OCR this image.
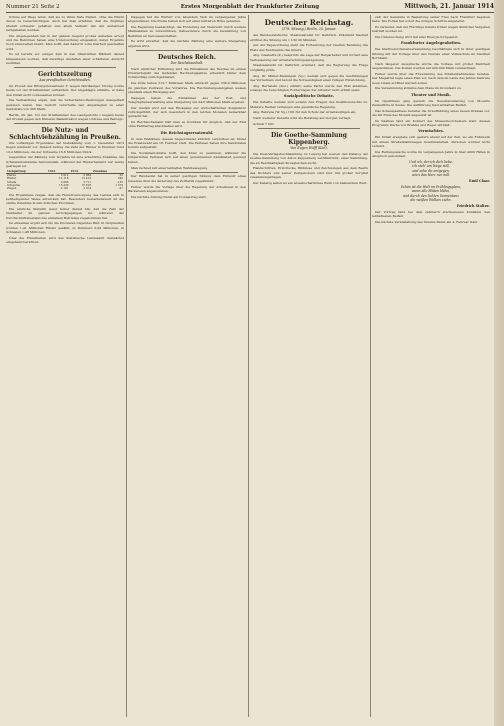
Nummer 21 Seite 2	Erstes Morgenblatt der Frankfurter Zeitung	Mittwoch, 21. Januar 1914

Schule auf Wege leitet, daß sie zu ihren Nate fliehen, ohne die Eltern davon zu benachrichtigen. Auch hat man erfahren, daß die Zöglinge überall schwerer gehalten und allem Verkehr mit der Außenwelt ferngehalten werden.

Die Angelegenheit hat in der ganzen Gegend großes Aufsehen erregt und die Behörden haben eine Untersuchung eingeleitet, deren Ergebnis noch abzuwarten bleibt. Man hofft, daß dadurch volle Klarheit geschaffen wird.

Es ist bereits vor einiger Zeit in den öffentlichen Blättern darauf hingewiesen worden, daß derartige Anstalten einer schärferen Aufsicht bedürfen.

Gerichtszeitung
Aus preußischen Gerichtssälen.

Im Prozeß des Rittergutsbesitzers F. wegen fahrlässiger Tötung wurde heute vor der Strafkammer verhandelt. Der Angeklagte erklärte, er habe den Unfall nicht voraussehen können.

Die Verhandlung ergab, daß die Sicherheitsvorkehrungen mangelhaft gewesen waren. Das Gericht verurteilte den Angeklagten zu einer Geldstrafe von 300 Mark.

Berlin, 20. Jan. Vor der Strafkammer des Landgerichts I begann heute der Prozeß gegen den früheren Bankdirektor wegen Untreue und Betrugs.

Die Nutz- und Schlachtviehzählung in Preußen.

Die vorläufigen Ergebnisse der Viehzählung vom 1. Dezember 1913 liegen nunmehr vor. Danach betrug die Zahl der Rinder in Preußen rund 12,4 Millionen, die der Schweine 16,8 Millionen Stück.

Gegenüber der Zählung vom Vorjahre ist eine erhebliche Zunahme des Schweinebestandes festzustellen, während der Rinderbestand nur wenig gestiegen ist.

Viehgattung	1912	1913	Zunahme
Pferde	3 012	3 064	52
Rinder	12 118	12 413	295
Schafe	3 846	3 711	-135
Schweine	15 239	16 818	1 579
Ziegen	2 101	2 074	-27

Die Ergebnisse zeigen, daß die Fleischversorgung des Landes sich in befriedigender Weise entwickelt hat. Besonders bemerkenswert ist die starke Zunahme in den östlichen Provinzen.

Die amtliche Statistik weist ferner darauf hin, daß die Zahl der Viehhalter im ganzen zurückgegangen ist, während der Durchschnittsbestand des einzelnen Betriebes zugenommen hat.

Im einzelnen ergibt sich für die Provinzen folgendes Bild: In Ostpreußen wurden 1,41 Millionen Rinder gezählt, in Pommern 0,92 Millionen, in Schlesien 1,48 Millionen.

Über die Einzelheiten wird das Statistische Landesamt demnächst eingehend berichten.

Dagegen hat die Einfuhr von lebendem Vieh im vergangenen Jahre abgenommen. Die Preise haben sich auf einer mittleren Höhe gehalten.

Die Regierung beabsichtigt, die Förderung der Viehzucht durch weitere Maßnahmen zu unterstützen, insbesondere durch die Gewährung von Beihilfen an Genossenschaften.

Es wird erwartet, daß die nächste Zählung eine weitere Steigerung ergeben wird.

Deutsches Reich.
Der Reichshaushalt.

Nach amtlicher Mitteilung sind die Einnahmen des Reiches im ersten Dreivierteljahr des laufenden Rechnungsjahres erheblich hinter dem Voranschlag zurückgeblieben.

Die Zölle haben 512,7 Millionen Mark erbracht gegen 538,9 Millionen im gleichen Zeitraum des Vorjahres. Die Reichsstempelabgaben weisen ebenfalls einen Rückgang auf.

Dagegen haben die Einnahmen aus der Post- und Telegraphenverwaltung eine Steigerung um 24,6 Millionen Mark ergeben.

Der Ausfall wird auf den Rückgang der wirtschaftlichen Konjunktur zurückgeführt, der sich besonders in den letzten Monaten bemerkbar gemacht hat.

Im Reichsschatzamt hält man es trotzdem für möglich, daß der Etat ohne Fehlbetrag abschließen wird.

Die Reichstagsersatzwahl.

In dem Wahlkreis, dessen Abgeordneter kürzlich verstorben ist, findet die Ersatzwahl am 18. Februar statt. Die Parteien haben ihre Kandidaten bereits aufgestellt.

Die Sozialdemokratie hofft, den Kreis zu gewinnen, während die bürgerlichen Parteien sich auf einen gemeinsamen Kandidaten geeinigt haben.

Man rechnet mit einer lebhaften Wahlbewegung.

Der Bundesrat hat in seiner gestrigen Sitzung dem Entwurf eines Gesetzes über die Änderung des Zolltarifs zugestimmt.

Ferner wurde die Vorlage über die Regelung der Arbeitszeit in den Bäckereien angenommen.

Die nächste Sitzung findet am Donnerstag statt.

Deutscher Reichstag.
(178. Sitzung.) Berlin, 20. Januar.

Am Bundesratstische: Staatssekretär Dr. Delbrück. Präsident Kaempf eröffnet die Sitzung um 1 Uhr 20 Minuten.

Auf der Tagesordnung steht die Fortsetzung der zweiten Beratung des Etats des Reichsamts des Innern.

Abg. Giesberts (Z.) bespricht die Lage der Bergarbeiter und fordert eine Verbesserung der Arbeiterschutzgesetzgebung.

Staatssekretär Dr. Delbrück erwidert, daß die Regierung die Frage sorgfältig prüfe.

Abg. Dr. Müller-Meiningen (Vp.) wendet sich gegen die Ausführungen des Vorredners und betont die Notwendigkeit einer ruhigen Entwicklung.

Abg. Bernstein (Soz.) erklärt, seine Partei werde den Etat ablehnen, solange die berechtigten Forderungen der Arbeiter nicht erfüllt seien.

Sozialpolitische Debatte.

Die Debatte wendet sich sodann den Fragen des Koalitionsrechts zu. Mehrere Redner verlangen eine gesetzliche Regelung.

Abg. Behrens (W. Vg.) tritt für den Schutz der Arbeitswilligen ein.

Nach weiterer Debatte wird die Beratung auf morgen vertagt.

Schluß 7 Uhr.

Die Goethe-Sammlung Kippenberg.
Von Eugen Wolff (Kiel).

Die Insel-Verlagsbuchhandlung zu Leipzig hat soeben den Katalog der Goethe-Sammlung von Anton Kippenberg veröffentlicht, einer Sammlung, die an Reichhaltigkeit ihresgleichen sucht.

Handschriften, Erstdrucke, Bildnisse und Zeichnungen aus dem Besitz des Dichters und seiner Zeitgenossen sind hier mit großer Sorgfalt zusammengetragen.

Der Katalog selbst ist ein wissenschaftliches Werk von bleibendem Wert.

sich der Genannte in Begleitung seiner Frau nach Frankfurt begeben habe. Die Polizei hat sofort die nötigen Schritte eingeleitet.

Es verlautet, daß der Flüchtige bereits früher wegen ähnlicher Vergehen bestraft worden ist.

Die Untersuchung wird mit aller Energie fortgesetzt.

Frankfurter Angelegenheiten.

Die Stadtverordnetenversammlung beschäftigte sich in ihrer gestrigen Sitzung mit der Vorlage über den Neubau einer Volksschule im Stadtteil Bornheim.

Nach längerer Aussprache wurde die Vorlage mit großer Mehrheit angenommen. Die Kosten werden auf 420 000 Mark veranschlagt.

Ferner wurde über die Erweiterung des Straßenbahnnetzes beraten. Der Magistrat legte einen Plan vor, nach dem im Laufe des Jahres mehrere neue Linien eröffnet werden sollen.

Die Versammlung stimmte dem Plane im Grundsatz zu.

Theater und Musik.

Im Opernhaus ging gestern die Neueinstudierung von Mozarts Zauberflöte in Szene. Die Aufführung fand lebhaften Beifall.

Das Schauspielhaus bereitet die Uraufführung eines neuen Dramas vor, die für Ende des Monats angesetzt ist.

Im Saalbau fand ein Konzert des Museumsorchesters statt, dessen Programm Werke von Brahms und Reger enthielt.

Vermischtes.

Ein Unfall ereignete sich gestern abend auf der Zeil, wo ein Fuhrwerk mit einem Straßenbahnwagen zusammenstieß. Personen wurden nicht verletzt.

Die Rettungswache wurde im vergangenen Jahre in über 4000 Fällen in Anspruch genommen.

Und ich, der ich dich liebe,
ich steh' am Wege still,
und sehe dir entgegen,
wie's das Herz nur will.
Emil Claar.
Schön ist die Welt im Frühlingsglanz,
wenn alle Blüten blühn,
und durch den lichten Sonnentanz
die weißen Wolken ziehn.
Friedrich Stoltze.

Der Vortrag fand bei dem zahlreich erschienenen Publikum den lebhaftesten Beifall.

Die nächste Veranstaltung des Vereins findet am 4. Februar statt.
